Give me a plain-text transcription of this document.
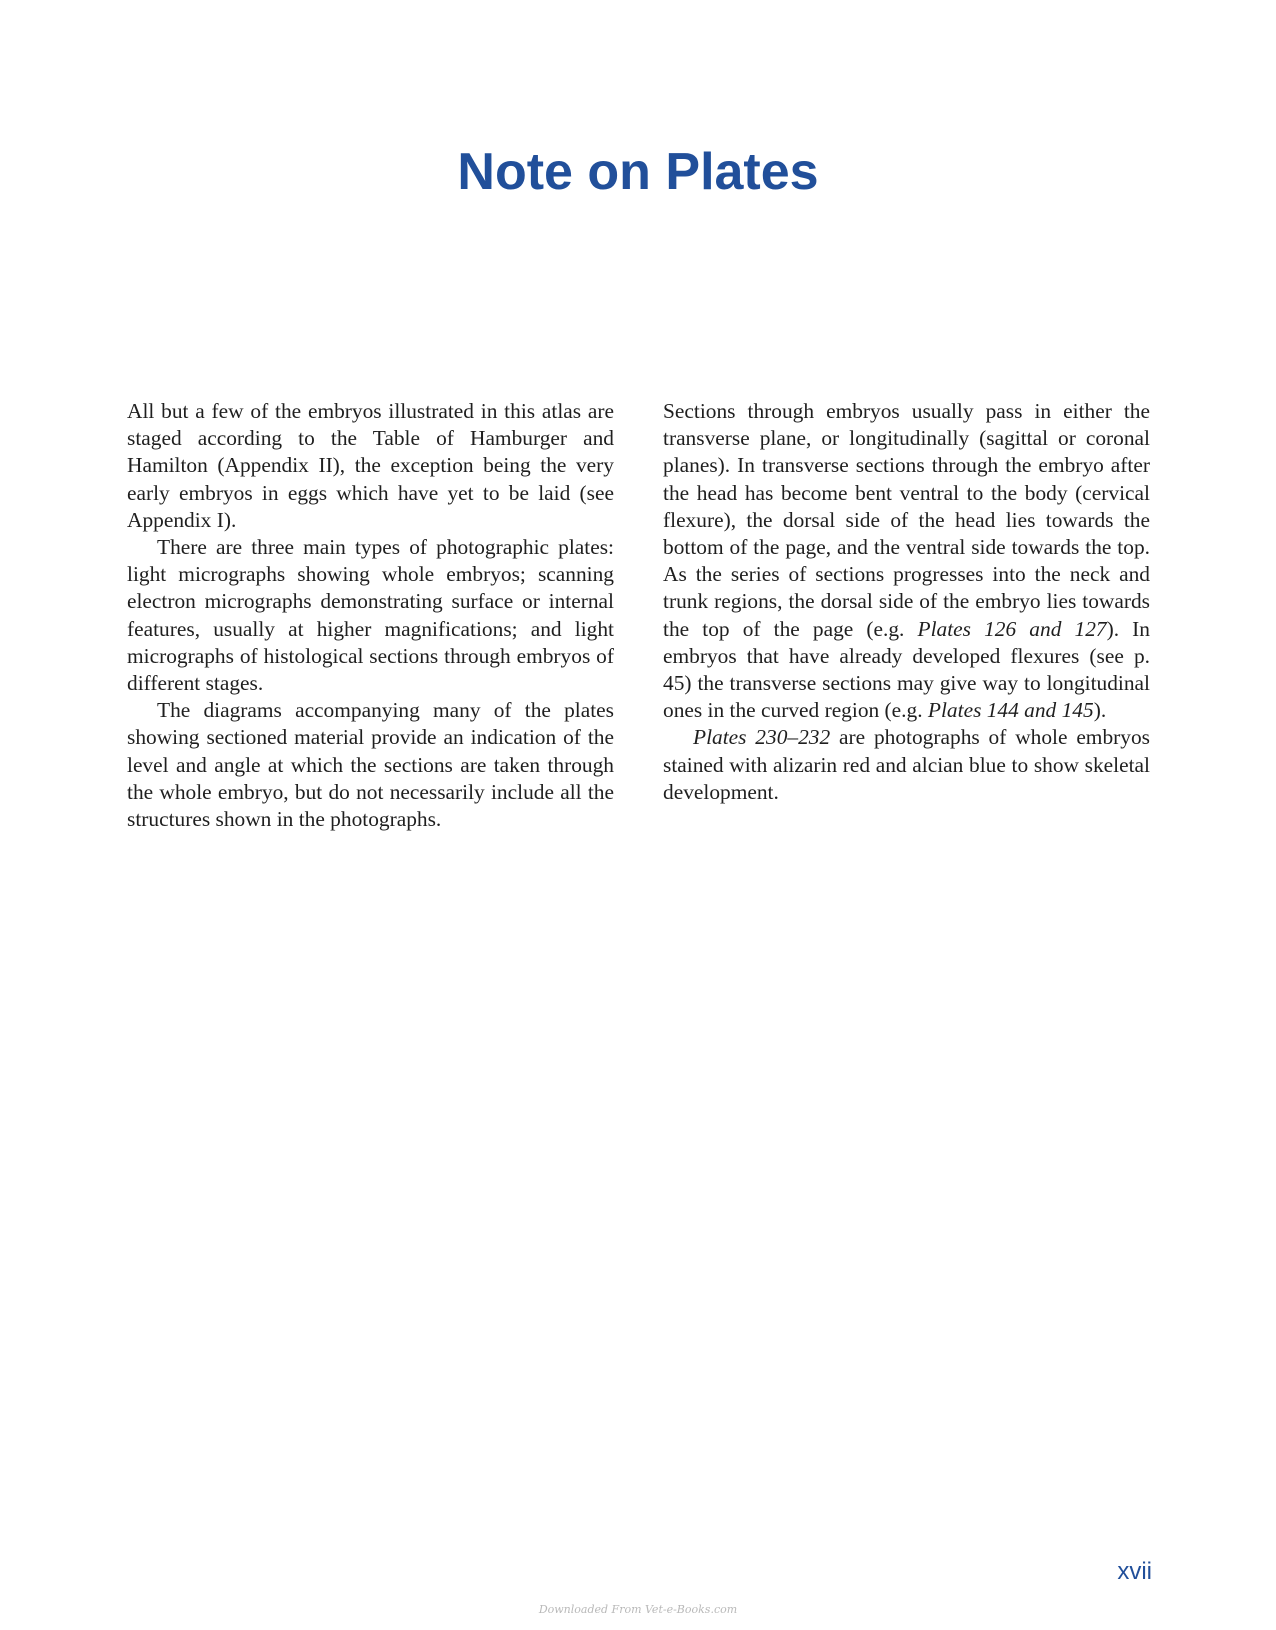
Note on Plates

All but a few of the embryos illustrated in this atlas are staged according to the Table of Hamburger and Hamilton (Appendix II), the exception being the very early embryos in eggs which have yet to be laid (see Appendix I).

There are three main types of photographic plates: light micrographs showing whole embryos; scanning electron micrographs demonstrating surface or internal features, usually at higher magnifications; and light micrographs of histological sections through embryos of different stages.

The diagrams accompanying many of the plates showing sectioned material provide an indication of the level and angle at which the sections are taken through the whole embryo, but do not necessarily include all the structures shown in the photographs.

Sections through embryos usually pass in either the transverse plane, or longitudinally (sagittal or coronal planes). In transverse sections through the embryo after the head has become bent ventral to the body (cervical flexure), the dorsal side of the head lies towards the bottom of the page, and the ventral side towards the top. As the series of sections progresses into the neck and trunk regions, the dorsal side of the embryo lies towards the top of the page (e.g. Plates 126 and 127). In embryos that have already developed flexures (see p. 45) the transverse sections may give way to longitudinal ones in the curved region (e.g. Plates 144 and 145).

Plates 230–232 are photographs of whole embryos stained with alizarin red and alcian blue to show skeletal development.

xvii

Downloaded From Vet-e-Books.com
